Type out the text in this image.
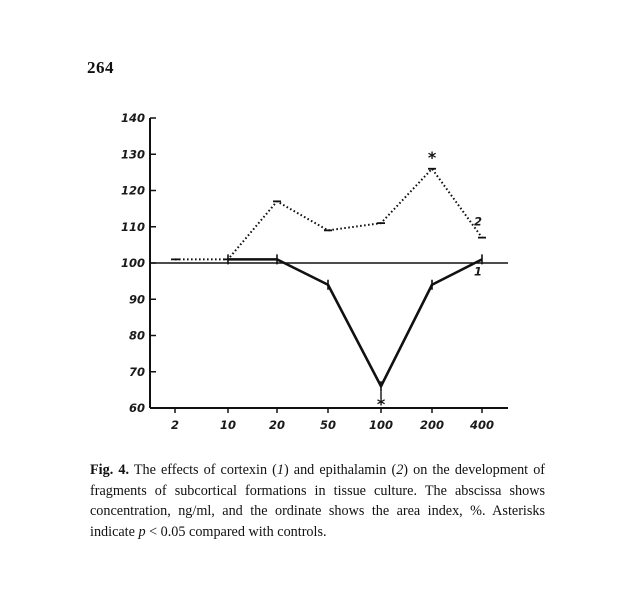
264
60
70
80
90
100
110
120
130
140
2	10	20	50	100 200 400
*
*
1
2
Fig. 4. The effects of cortexin (1) and epithalamin (2) on the development of fragments of subcortical formations in tissue culture. The abscissa shows concentration, ng/ml, and the ordinate shows the area index, %. Asterisks indicate p < 0.05 compared with controls.
